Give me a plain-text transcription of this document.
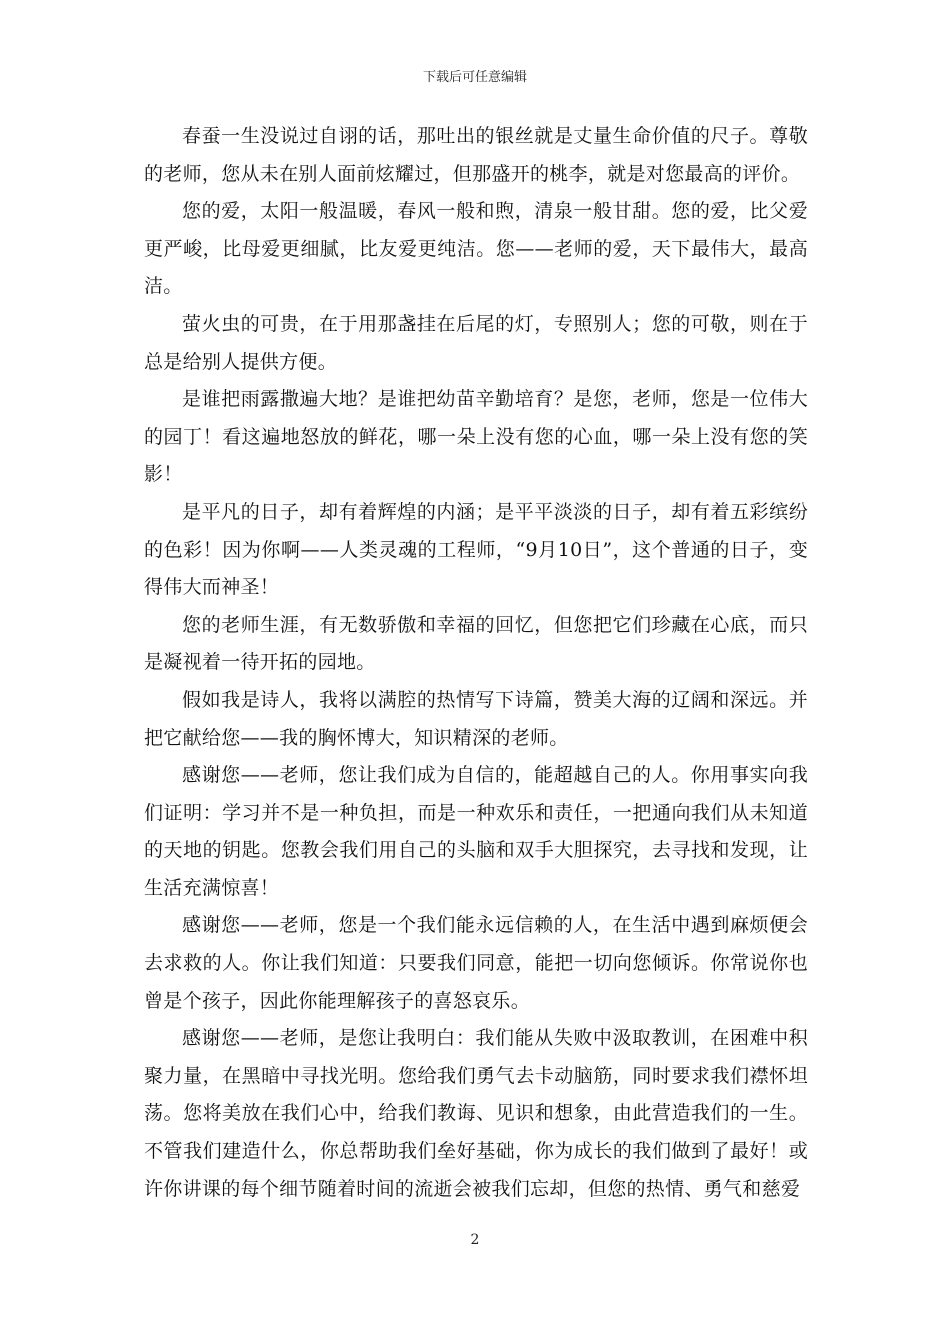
下载后可任意编辑

春蚕一生没说过自诩的话，那吐出的银丝就是丈量生命价值的尺子。尊敬的老师，您从未在别人面前炫耀过，但那盛开的桃李，就是对您最高的评价。

您的爱，太阳一般温暖，春风一般和煦，清泉一般甘甜。您的爱，比父爱更严峻，比母爱更细腻，比友爱更纯洁。您——老师的爱，天下最伟大，最高洁。

萤火虫的可贵，在于用那盏挂在后尾的灯，专照别人；您的可敬，则在于总是给别人提供方便。

是谁把雨露撒遍大地？是谁把幼苗辛勤培育？是您，老师，您是一位伟大的园丁！看这遍地怒放的鲜花，哪一朵上没有您的心血，哪一朵上没有您的笑影！

是平凡的日子，却有着辉煌的内涵；是平平淡淡的日子，却有着五彩缤纷的色彩！因为你啊——人类灵魂的工程师，“9月10日”，这个普通的日子，变得伟大而神圣！

您的老师生涯，有无数骄傲和幸福的回忆，但您把它们珍藏在心底，而只是凝视着一待开拓的园地。

假如我是诗人，我将以满腔的热情写下诗篇，赞美大海的辽阔和深远。并把它献给您——我的胸怀博大，知识精深的老师。

感谢您——老师，您让我们成为自信的，能超越自己的人。你用事实向我们证明：学习并不是一种负担，而是一种欢乐和责任，一把通向我们从未知道的天地的钥匙。您教会我们用自己的头脑和双手大胆探究，去寻找和发现，让生活充满惊喜！

感谢您——老师，您是一个我们能永远信赖的人，在生活中遇到麻烦便会去求救的人。你让我们知道：只要我们同意，能把一切向您倾诉。你常说你也曾是个孩子，因此你能理解孩子的喜怒哀乐。

感谢您——老师，是您让我明白：我们能从失败中汲取教训，在困难中积聚力量，在黑暗中寻找光明。您给我们勇气去卡动脑筋，同时要求我们襟怀坦荡。您将美放在我们心中，给我们教诲、见识和想象，由此营造我们的一生。不管我们建造什么，你总帮助我们垒好基础，你为成长的我们做到了最好！或许你讲课的每个细节随着时间的流逝会被我们忘却，但您的热情、勇气和慈爱

2
